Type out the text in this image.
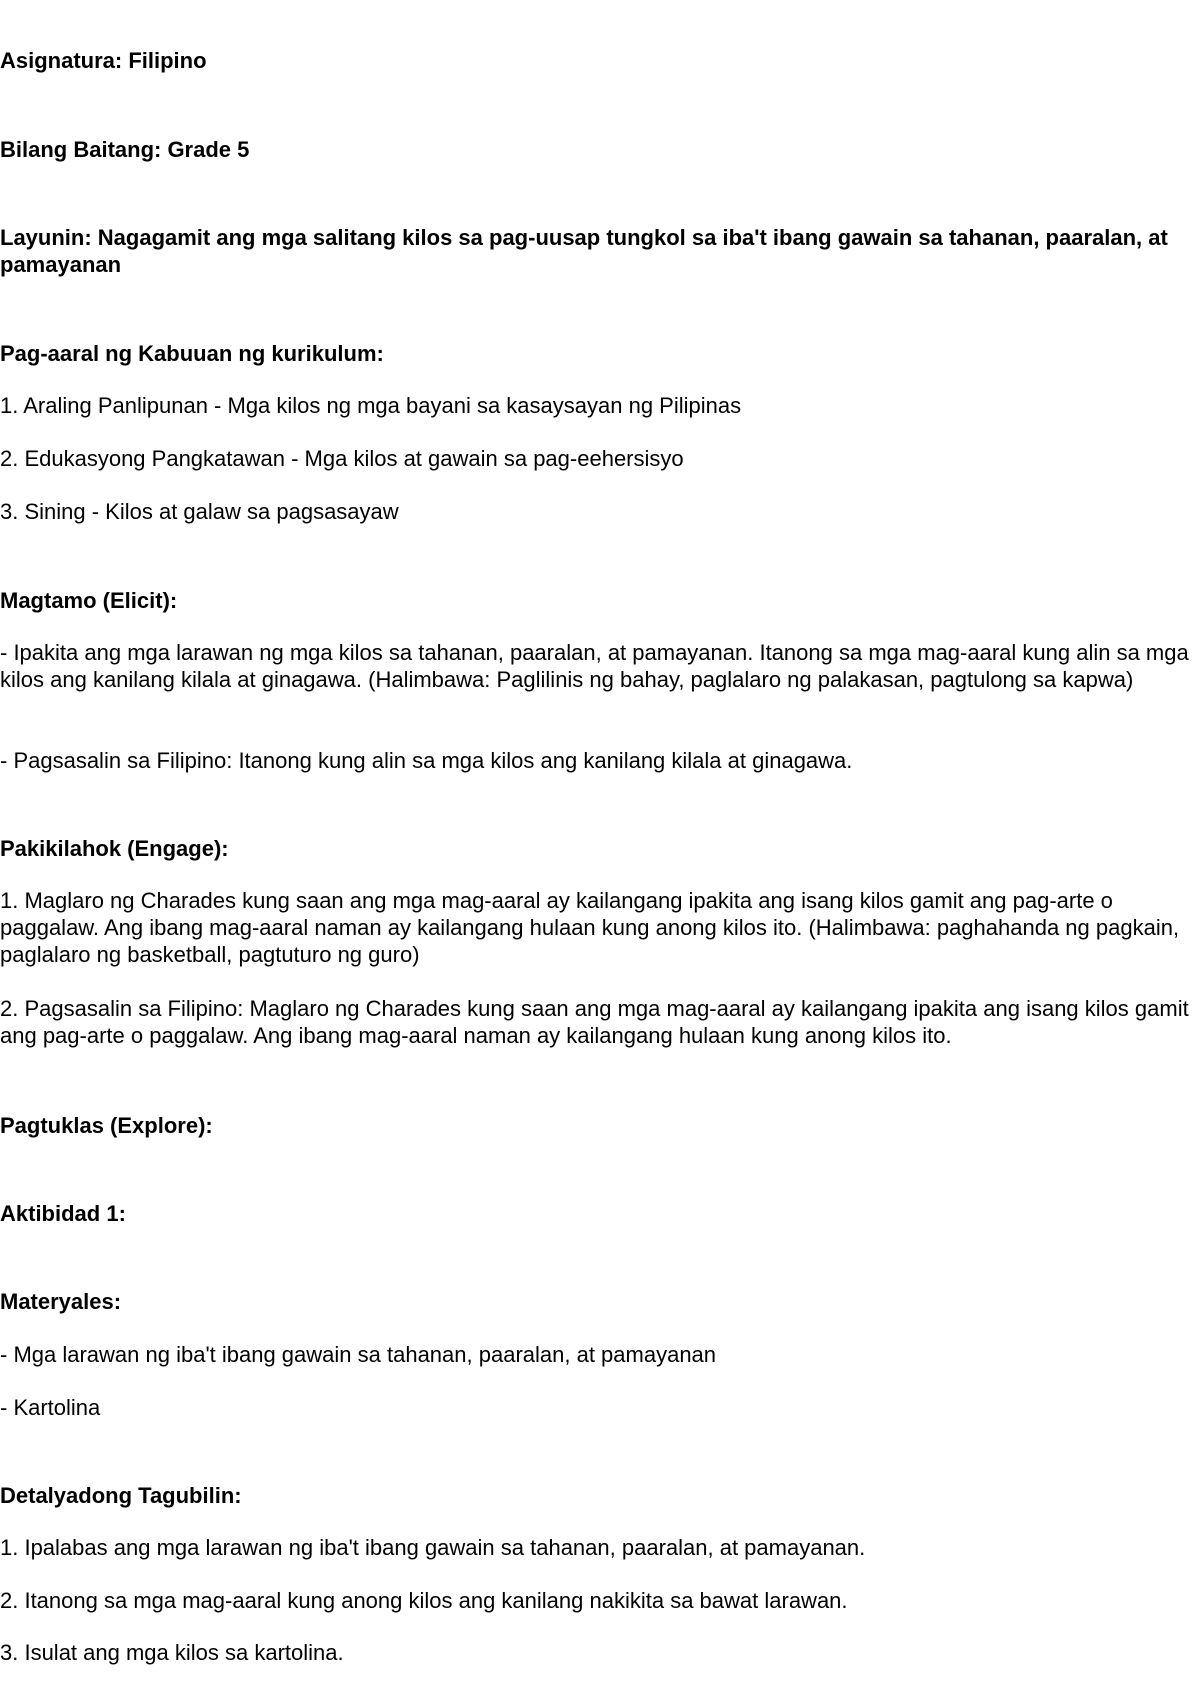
Asignatura: Filipino

Bilang Baitang: Grade 5

Layunin: Nagagamit ang mga salitang kilos sa pag-uusap tungkol sa iba't ibang gawain sa tahanan, paaralan, at pamayanan

Pag-aaral ng Kabuuan ng kurikulum:

1. Araling Panlipunan - Mga kilos ng mga bayani sa kasaysayan ng Pilipinas

2. Edukasyong Pangkatawan - Mga kilos at gawain sa pag-eehersisyo

3. Sining - Kilos at galaw sa pagsasayaw

Magtamo (Elicit):

- Ipakita ang mga larawan ng mga kilos sa tahanan, paaralan, at pamayanan. Itanong sa mga mag-aaral kung alin sa mga kilos ang kanilang kilala at ginagawa. (Halimbawa: Paglilinis ng bahay, paglalaro ng palakasan, pagtulong sa kapwa)

- Pagsasalin sa Filipino: Itanong kung alin sa mga kilos ang kanilang kilala at ginagawa.

Pakikilahok (Engage):

1. Maglaro ng Charades kung saan ang mga mag-aaral ay kailangang ipakita ang isang kilos gamit ang pag-arte o paggalaw. Ang ibang mag-aaral naman ay kailangang hulaan kung anong kilos ito. (Halimbawa: paghahanda ng pagkain, paglalaro ng basketball, pagtuturo ng guro)

2. Pagsasalin sa Filipino: Maglaro ng Charades kung saan ang mga mag-aaral ay kailangang ipakita ang isang kilos gamit ang pag-arte o paggalaw. Ang ibang mag-aaral naman ay kailangang hulaan kung anong kilos ito.

Pagtuklas (Explore):

Aktibidad 1:

Materyales:

- Mga larawan ng iba't ibang gawain sa tahanan, paaralan, at pamayanan

- Kartolina

Detalyadong Tagubilin:

1. Ipalabas ang mga larawan ng iba't ibang gawain sa tahanan, paaralan, at pamayanan.

2. Itanong sa mga mag-aaral kung anong kilos ang kanilang nakikita sa bawat larawan.

3. Isulat ang mga kilos sa kartolina.
